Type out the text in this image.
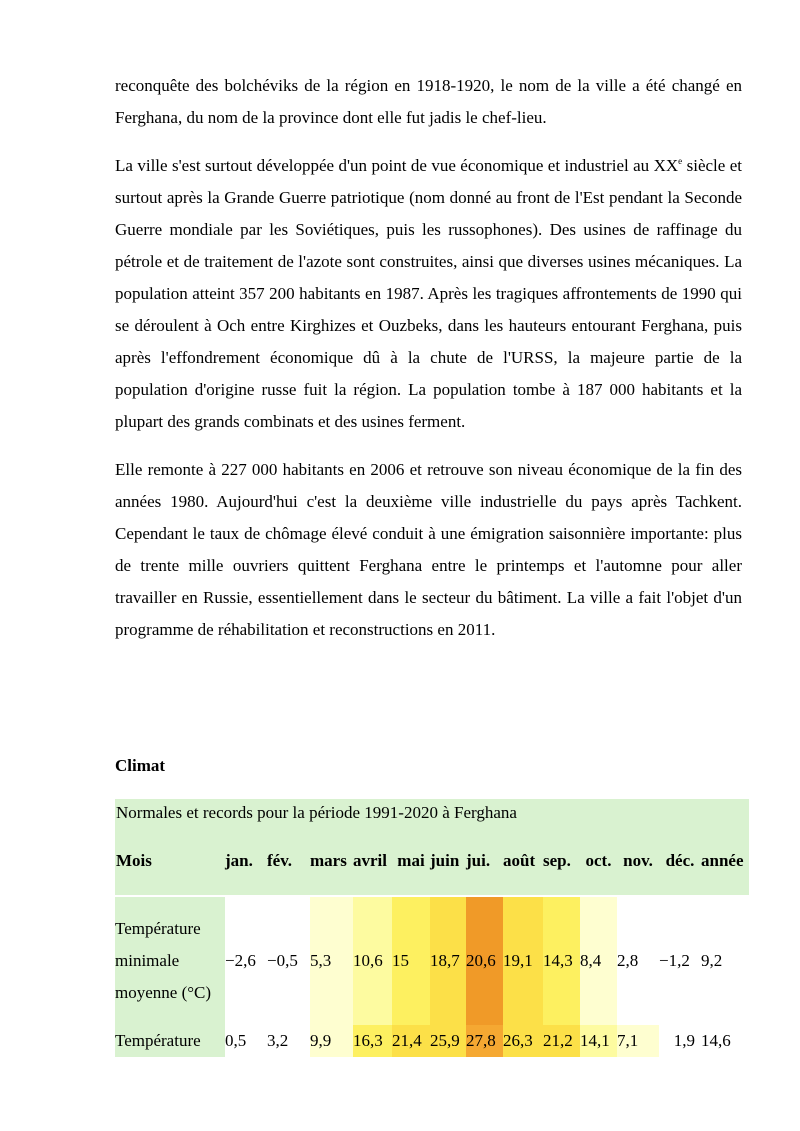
reconquête des bolchéviks de la région en 1918-1920, le nom de la ville a été changé en Ferghana, du nom de la province dont elle fut jadis le chef-lieu.

La ville s'est surtout développée d'un point de vue économique et industriel au XXe siècle et surtout après la Grande Guerre patriotique (nom donné au front de l'Est pendant la Seconde Guerre mondiale par les Soviétiques, puis les russophones). Des usines de raffinage du pétrole et de traitement de l'azote sont construites, ainsi que diverses usines mécaniques. La population atteint 357 200 habitants en 1987. Après les tragiques affrontements de 1990 qui se déroulent à Och entre Kirghizes et Ouzbeks, dans les hauteurs entourant Ferghana, puis après l'effondrement économique dû à la chute de l'URSS, la majeure partie de la population d'origine russe fuit la région. La population tombe à 187 000 habitants et la plupart des grands combinats et des usines ferment.

Elle remonte à 227 000 habitants en 2006 et retrouve son niveau économique de la fin des années 1980. Aujourd'hui c'est la deuxième ville industrielle du pays après Tachkent. Cependant le taux de chômage élevé conduit à une émigration saisonnière importante: plus de trente mille ouvriers quittent Ferghana entre le printemps et l'automne pour aller travailler en Russie, essentiellement dans le secteur du bâtiment. La ville a fait l'objet d'un programme de réhabilitation et reconstructions en 2011.

Climat
Normales et records pour la période 1991-2020 à Ferghana
Mois	jan.	fév.	mars	avril	mai	juin	jui.	août	sep.	oct.	nov.	déc.	année

Température minimale moyenne (°C)	−2,6	−0,5	5,3	10,6	15	18,7	20,6	19,1	14,3	8,4	2,8	−1,2	9,2
Température	0,5	3,2	9,9	16,3	21,4	25,9	27,8	26,3	21,2	14,1	7,1	1,9	14,6
